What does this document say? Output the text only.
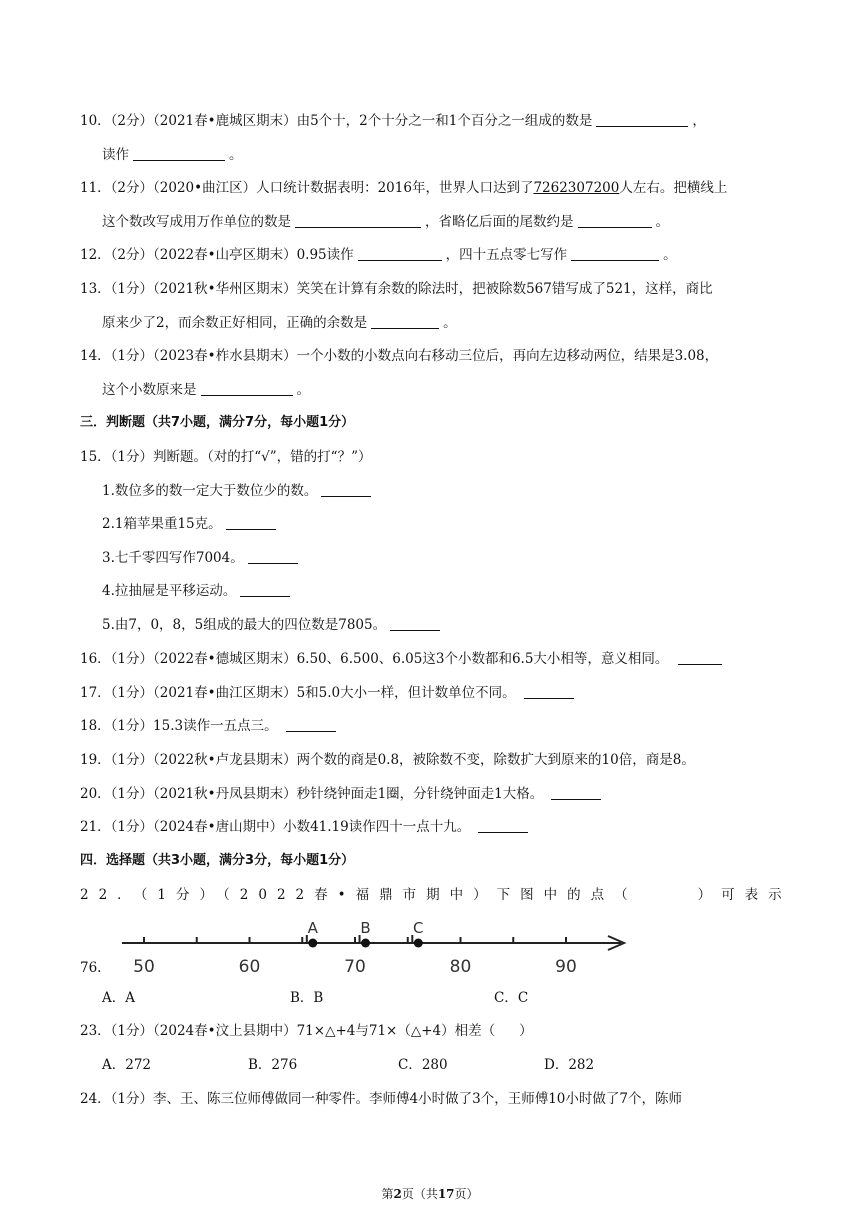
10．（2分）（2021春•鹿城区期末）由5个十，2个十分之一和1个百分之一组成的数是	，
读作	。
11．（2分）（2020•曲江区）人口统计数据表明：2016年，世界人口达到了7262307200人左右。把横线上
这个数改写成用万作单位的数是	，省略亿后面的尾数约是	。
12．（2分）（2022春•山亭区期末）0.95读作	，四十五点零七写作	。
13．（1分）（2021秋•华州区期末）笑笑在计算有余数的除法时，把被除数567错写成了521，这样，商比
原来少了2，而余数正好相同，正确的余数是	。
14．（1分）（2023春•柞水县期末）一个小数的小数点向右移动三位后，再向左边移动两位，结果是3.08，
这个小数原来是	。
三．判断题（共7小题，满分7分，每小题1分）
15．（1分）判断题。（对的打“√”，错的打“？”）
1.数位多的数一定大于数位少的数。
2.1箱苹果重15克。
3.七千零四写作7004。
4.拉抽屉是平移运动。
5.由7，0，8，5组成的最大的四位数是7805。
16．（1分）（2022春•德城区期末）6.50、6.500、6.05这3个小数都和6.5大小相等，意义相同。
17．（1分）（2021春•曲江区期末）5和5.0大小一样，但计数单位不同。
18．（1分）15.3读作一五点三。
19．（1分）（2022秋•卢龙县期末）两个数的商是0.8，被除数不变，除数扩大到原来的10倍，商是8。
20．（1分）（2021秋•丹凤县期末）秒针绕钟面走1圈，分针绕钟面走1大格。
21．（1分）（2024春•唐山期中）小数41.19读作四十一点十九。
四．选择题（共3小题，满分3分，每小题1分）
22．（1分）（2022春•福鼎市期中）下图中的点（	）可表示
50	60	70	80	90
A	B	C
76.
A．A	B．B	C．C
23．（1分）（2024春•汶上县期中）71×△+4与71×（△+4）相差（ ）
A．272	B．276	C．280	D．282
24．（1分）李、王、陈三位师傅做同一种零件。李师傅4小时做了3个，王师傅10小时做了7个，陈师
第2页（共17页）
